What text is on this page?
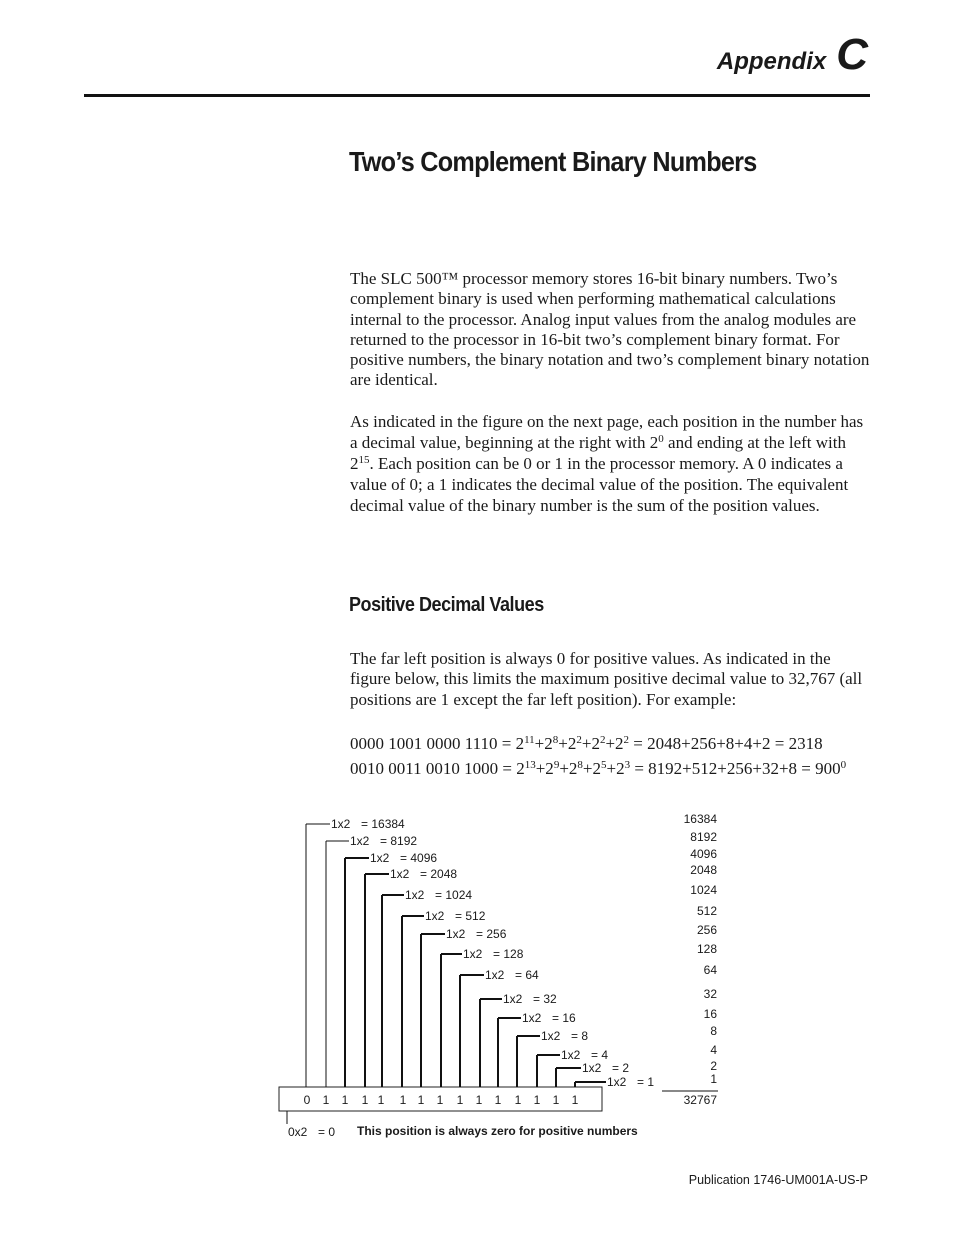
Appendix C
Two’s Complement Binary Numbers

The SLC 500™ processor memory stores 16-bit binary numbers. Two’s complement binary is used when performing mathematical calculations internal to the processor. Analog input values from the analog modules are returned to the processor in 16-bit two’s complement binary format. For positive numbers, the binary notation and two’s complement binary notation are identical.

As indicated in the figure on the next page, each position in the number has a decimal value, beginning at the right with $2^0$ and ending at the left with $2^{15}$. Each position can be 0 or 1 in the processor memory. A 0 indicates a value of 0; a 1 indicates the decimal value of the position. The equivalent decimal value of the binary number is the sum of the position values.

Positive Decimal Values

The far left position is always 0 for positive values. As indicated in the figure below, this limits the maximum positive decimal value to 32,767 (all positions are 1 except the far left position). For example:

0000 1001 0000 $1110 = 2^{11}+2^8+2^2+2^2+2^2 = 2048+256+8+4+2 = 2318$

0010 0011 0010 $1000 = 2^{13}+2^9+2^8+2^5+2^3 = 8192+512+256+32+8 = 900^0$

0 1 1 1 1 1 1 1 1 1 1 1 1 1 1
1x2 = 16384
1x2 = 8192
1x2 = 4096
1x2 = 2048
1x2 = 1024
1x2 = 512
1x2 = 256
1x2 = 128
1x2 = 64
1x2 = 32
1x2 = 16
1x2 = 8
1x2 = 4
1x2 = 2
1x2 = 1
16384
8192
4096
2048
1024
512
256
128
64
32
16
8
4
2
1
32767
0x2 = 0 This position is always zero for positive numbers
Publication 1746-UM001A-US-P
